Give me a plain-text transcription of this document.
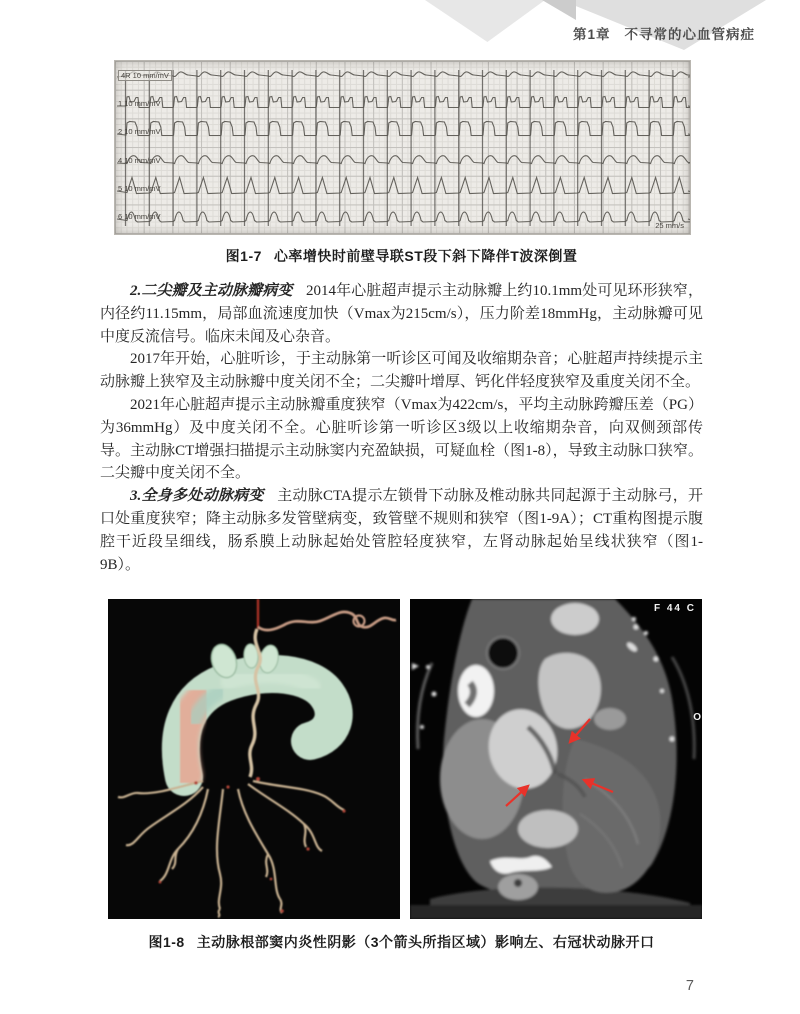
第1章 不寻常的心血管病症
4R 10 mm/mV
1 10 mm/mV
2 10 mm/mV
4 10 mm/mV
5 10 mm/mV
6 10 mm/mV
25 mm/s
图1-7 心率增快时前壁导联ST段下斜下降伴T波深倒置

2.二尖瓣及主动脉瓣病变 2014年心脏超声提示主动脉瓣上约10.1mm处可见环形狭窄，内径约11.15mm，局部血流速度加快（Vmax为215cm/s），压力阶差18mmHg，主动脉瓣可见中度反流信号。临床未闻及心杂音。

2017年开始，心脏听诊，于主动脉第一听诊区可闻及收缩期杂音；心脏超声持续提示主动脉瓣上狭窄及主动脉瓣中度关闭不全；二尖瓣叶增厚、钙化伴轻度狭窄及重度关闭不全。

2021年心脏超声提示主动脉瓣重度狭窄（Vmax为422cm/s，平均主动脉跨瓣压差（PG）为36mmHg）及中度关闭不全。心脏听诊第一听诊区3级以上收缩期杂音，向双侧颈部传导。主动脉CT增强扫描提示主动脉窦内充盈缺损，可疑血栓（图1-8），导致主动脉口狭窄。二尖瓣中度关闭不全。

3.全身多处动脉病变 主动脉CTA提示左锁骨下动脉及椎动脉共同起源于主动脉弓，开口处重度狭窄；降主动脉多发管壁病变，致管壁不规则和狭窄（图1-9A）；CT重构图提示腹腔干近段呈细线，肠系膜上动脉起始处管腔轻度狭窄，左肾动脉起始呈线状狭窄（图1-9B）。

F 44 C
O
图1-8 主动脉根部窦内炎性阴影（3个箭头所指区域）影响左、右冠状动脉开口
7
